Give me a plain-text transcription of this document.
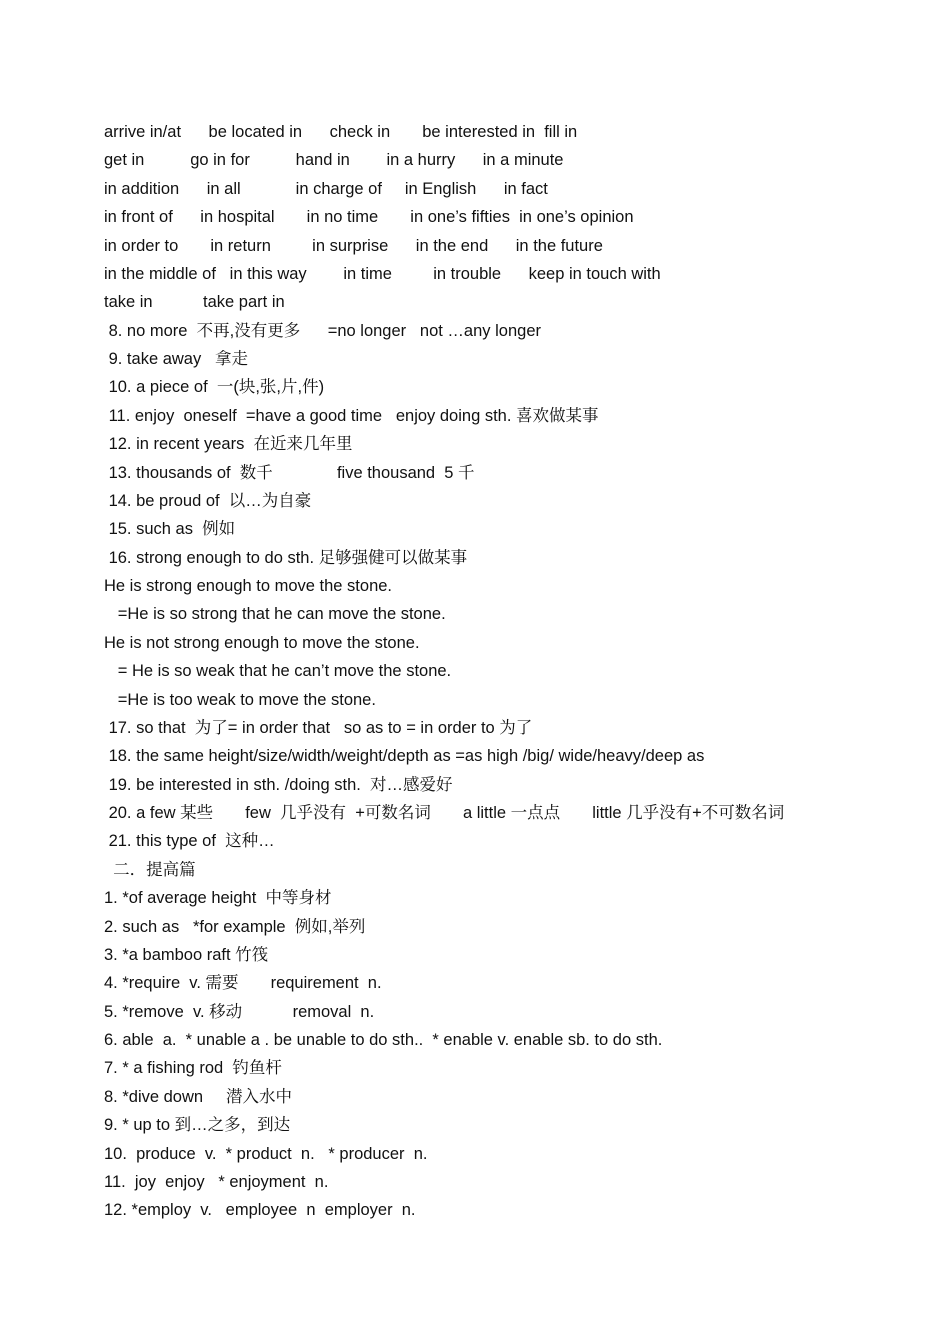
arrive in/at      be located in      check in       be interested in  fill in
get in          go in for          hand in        in a hurry      in a minute
in addition      in all            in charge of     in English      in fact
in front of      in hospital       in no time       in one’s fifties  in one’s opinion
in order to       in return         in surprise      in the end      in the future
in the middle of   in this way        in time         in trouble      keep in touch with
take in           take part in
8. no more  不再,没有更多      =no longer   not …any longer
9. take away   拿走
10. a piece of  一(块,张,片,件)
11. enjoy  oneself  =have a good time   enjoy doing sth. 喜欢做某事
12. in recent years  在近来几年里
13. thousands of  数千              five thousand  5 千
14. be proud of  以…为自豪
15. such as  例如
16. strong enough to do sth. 足够强健可以做某事
He is strong enough to move the stone.
=He is so strong that he can move the stone.
He is not strong enough to move the stone.
= He is so weak that he can’t move the stone.
=He is too weak to move the stone.
17. so that  为了= in order that   so as to = in order to 为了
18. the same height/size/width/weight/depth as =as high /big/ wide/heavy/deep as
19. be interested in sth. /doing sth.  对…感爱好
20. a few 某些       few  几乎没有  +可数名词       a little 一点点       little 几乎没有+不可数名词
21. this type of  这种…
二．提高篇
1. *of average height  中等身材
2. such as   *for example  例如,举列
3. *a bamboo raft 竹筏
4. *require  v. 需要       requirement  n.
5. *remove  v. 移动           removal  n.
6. able  a.  * unable a . be unable to do sth..  * enable v. enable sb. to do sth.
7. * a fishing rod  钓鱼杆
8. *dive down     潜入水中
9. * up to 到…之多，到达
10.  produce  v.  * product  n.   * producer  n.
11.  joy  enjoy   * enjoyment  n.
12. *employ  v.   employee  n  employer  n.
